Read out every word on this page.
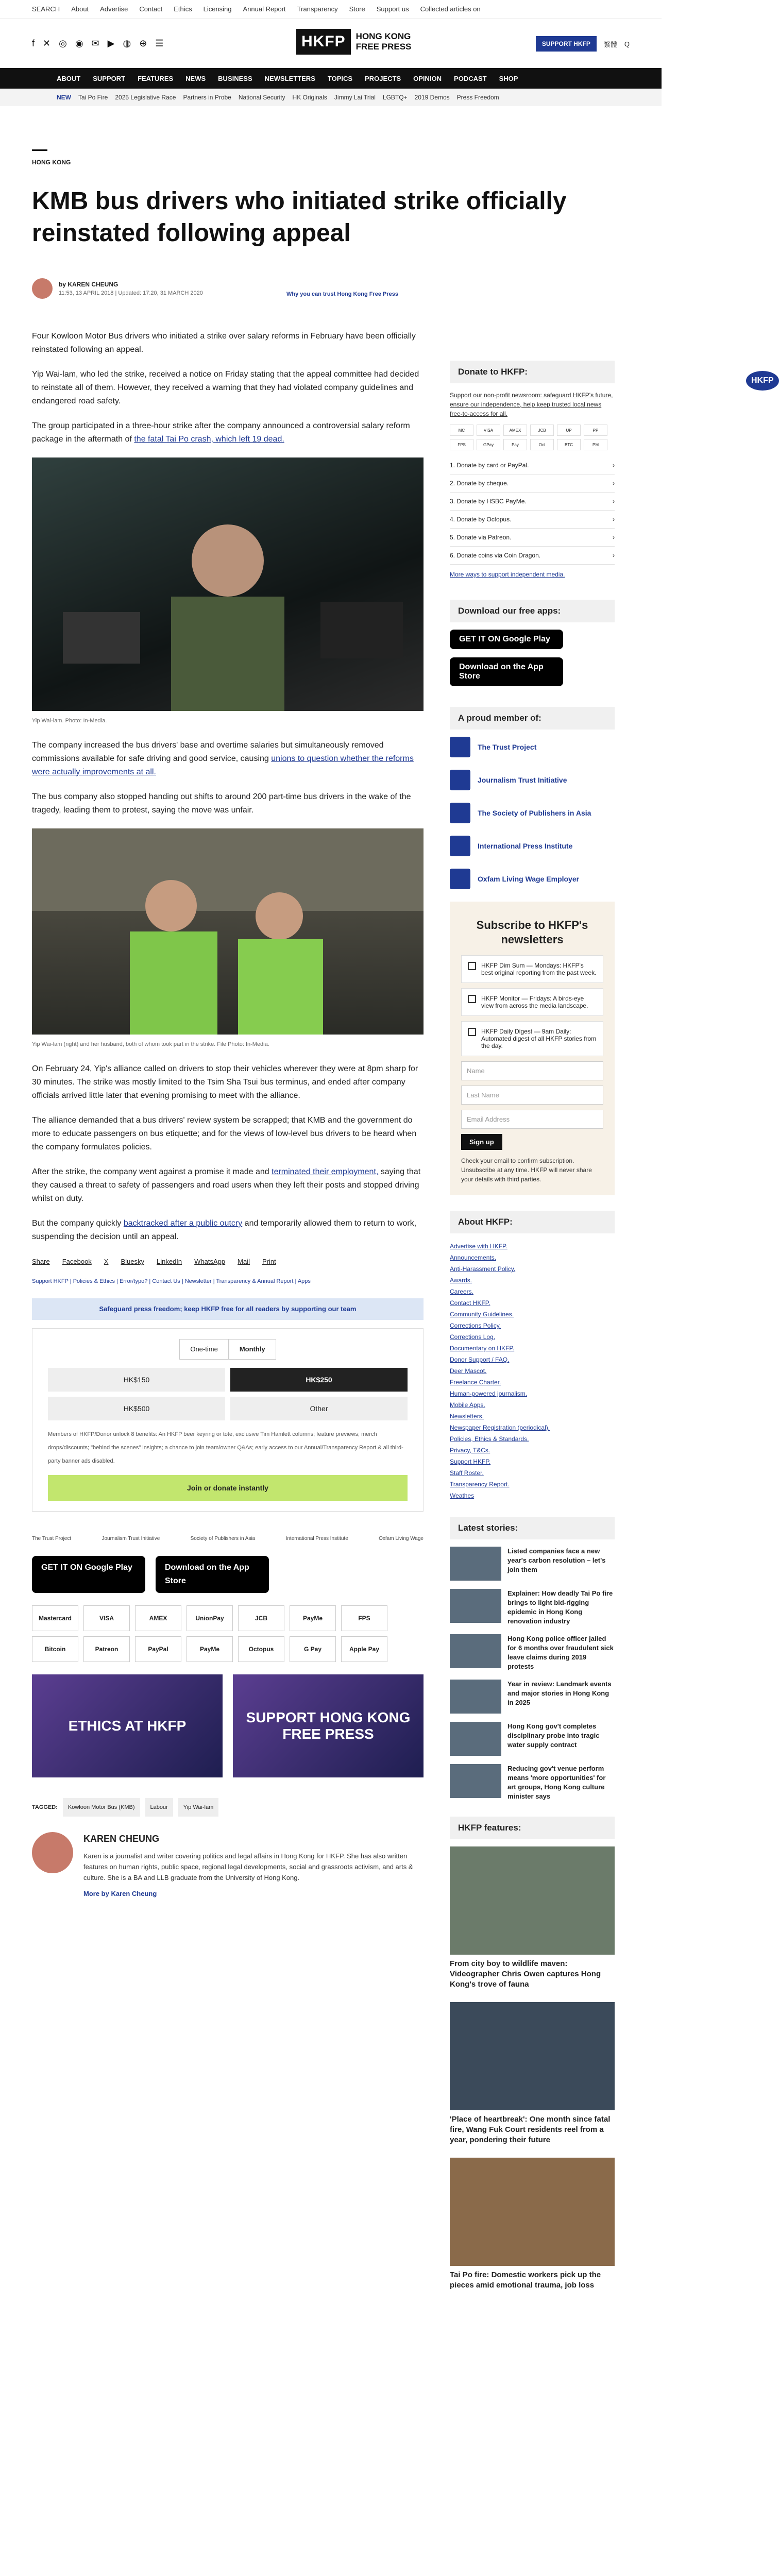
SEARCH About Advertise Contact Ethics Licensing Annual Report Transparency Store Support us Collected articles on
f ✕ ◎ ◉ ✉ ▶ ◍ ⊕ ☰	HKFP	HONG KONG
FREE PRESS	SUPPORT HKFP	繁體 Q
ABOUT SUPPORT FEATURES NEWS BUSINESS NEWSLETTERS TOPICS PROJECTS OPINION PODCAST SHOP
NEW Tai Po Fire 2025 Legislative Race Partners in Probe National Security HK Originals Jimmy Lai Trial LGBTQ+ 2019 Demos Press Freedom
HONG KONG
KMB bus drivers who initiated strike officially reinstated following appeal
by KAREN CHEUNG
11:53, 13 APRIL 2018 | Updated: 17:20, 31 MARCH 2020	Why you can trust Hong Kong Free Press

Four Kowloon Motor Bus drivers who initiated a strike over salary reforms in February have been officially reinstated following an appeal.

Yip Wai-lam, who led the strike, received a notice on Friday stating that the appeal committee had decided to reinstate all of them. However, they received a warning that they had violated company guidelines and endangered road safety.

The group participated in a three-hour strike after the company announced a controversial salary reform package in the aftermath of the fatal Tai Po crash, which left 19 dead.

Yip Wai-lam. Photo: In-Media.

The company increased the bus drivers' base and overtime salaries but simultaneously removed commissions available for safe driving and good service, causing unions to question whether the reforms were actually improvements at all.

The bus company also stopped handing out shifts to around 200 part-time bus drivers in the wake of the tragedy, leading them to protest, saying the move was unfair.

Yip Wai-lam (right) and her husband, both of whom took part in the strike. File Photo: In-Media.

On February 24, Yip's alliance called on drivers to stop their vehicles wherever they were at 8pm sharp for 30 minutes. The strike was mostly limited to the Tsim Sha Tsui bus terminus, and ended after company officials arrived little later that evening promising to meet with the alliance.

The alliance demanded that a bus drivers' review system be scrapped; that KMB and the government do more to educate passengers on bus etiquette; and for the views of low-level bus drivers to be heard when the company formulates policies.

After the strike, the company went against a promise it made and terminated their employment, saying that they caused a threat to safety of passengers and road users when they left their posts and stopped driving whilst on duty.

But the company quickly backtracked after a public outcry and temporarily allowed them to return to work, suspending the decision until an appeal.

Share Facebook X Bluesky LinkedIn WhatsApp Mail Print
Support HKFP | Policies & Ethics | Error/typo? | Contact Us | Newsletter | Transparency & Annual Report | Apps
Safeguard press freedom; keep HKFP free for all readers by supporting our team
One-time	Monthly
HK$150	HK$250
HK$500	Other
Members of HKFP/Donor unlock 8 benefits: An HKFP beer keyring or tote, exclusive Tim Hamlett columns; feature previews; merch drops/discounts; "behind the scenes" insights; a chance to join team/owner Q&As; early access to our Annual/Transparency Report & all third-party banner ads disabled.
Join or donate instantly
The Trust Project	Journalism Trust Initiative	Society of Publishers in Asia	International Press Institute	Oxfam Living Wage
GET IT ON Google Play	Download on the App Store
Mastercard	VISA	AMEX	UnionPay	JCB	PayMe	FPS
Bitcoin	Patreon	PayPal	PayMe	Octopus	G Pay	Apple Pay
ETHICS AT HKFP
SUPPORT HONG KONG FREE PRESS
TAGGED:	Kowloon Motor Bus (KMB)	Labour	Yip Wai-lam
KAREN CHEUNG
Karen is a journalist and writer covering politics and legal affairs in Hong Kong for HKFP. She has also written features on human rights, public space, regional legal developments, social and grassroots activism, and arts & culture. She is a BA and LLB graduate from the University of Hong Kong.
More by Karen Cheung
Donate to HKFP:
Support our non-profit newsroom: safeguard HKFP's future, ensure our independence, help keep trusted local news free-to-access for all.
MC	VISA	AMEX	JCB	UP	PP
FPS	GPay	Pay	Oct	BTC	PM
1. Donate by card or PayPal.	›
2. Donate by cheque.	›
3. Donate by HSBC PayMe.	›
4. Donate by Octopus.	›
5. Donate via Patreon.	›
6. Donate coins via Coin Dragon.	›
More ways to support independent media.
Download our free apps:
GET IT ON Google Play
Download on the App Store
A proud member of:
The Trust Project
Journalism Trust Initiative
The Society of Publishers in Asia
International Press Institute
Oxfam Living Wage Employer
HKFP
Subscribe to HKFP's newsletters
HKFP Dim Sum — Mondays: HKFP's best original reporting from the past week.
HKFP Monitor — Fridays: A birds-eye view from across the media landscape.
HKFP Daily Digest — 9am Daily: Automated digest of all HKFP stories from the day.
Name
Last Name
Email Address
Sign up
Check your email to confirm subscription. Unsubscribe at any time. HKFP will never share your details with third parties.
About HKFP:
Advertise with HKFP.
Announcements.
Anti-Harassment Policy.
Awards.
Careers.
Contact HKFP.
Community Guidelines.
Corrections Policy.
Corrections Log.
Documentary on HKFP.
Donor Support / FAQ.
Deer Mascot.
Freelance Charter.
Human-powered journalism.
Mobile Apps.
Newsletters.
Newspaper Registration (periodical).
Policies, Ethics & Standards.
Privacy, T&Cs.
Support HKFP.
Staff Roster.
Transparency Report.
Weathes
Latest stories:
Listed companies face a new year's carbon resolution – let's join them
Explainer: How deadly Tai Po fire brings to light bid-rigging epidemic in Hong Kong renovation industry
Hong Kong police officer jailed for 6 months over fraudulent sick leave claims during 2019 protests
Year in review: Landmark events and major stories in Hong Kong in 2025
Hong Kong gov't completes disciplinary probe into tragic water supply contract
Reducing gov't venue perform means 'more opportunities' for art groups, Hong Kong culture minister says
HKFP features:
From city boy to wildlife maven: Videographer Chris Owen captures Hong Kong's trove of fauna
'Place of heartbreak': One month since fatal fire, Wang Fuk Court residents reel from a year, pondering their future
Tai Po fire: Domestic workers pick up the pieces amid emotional trauma, job loss
